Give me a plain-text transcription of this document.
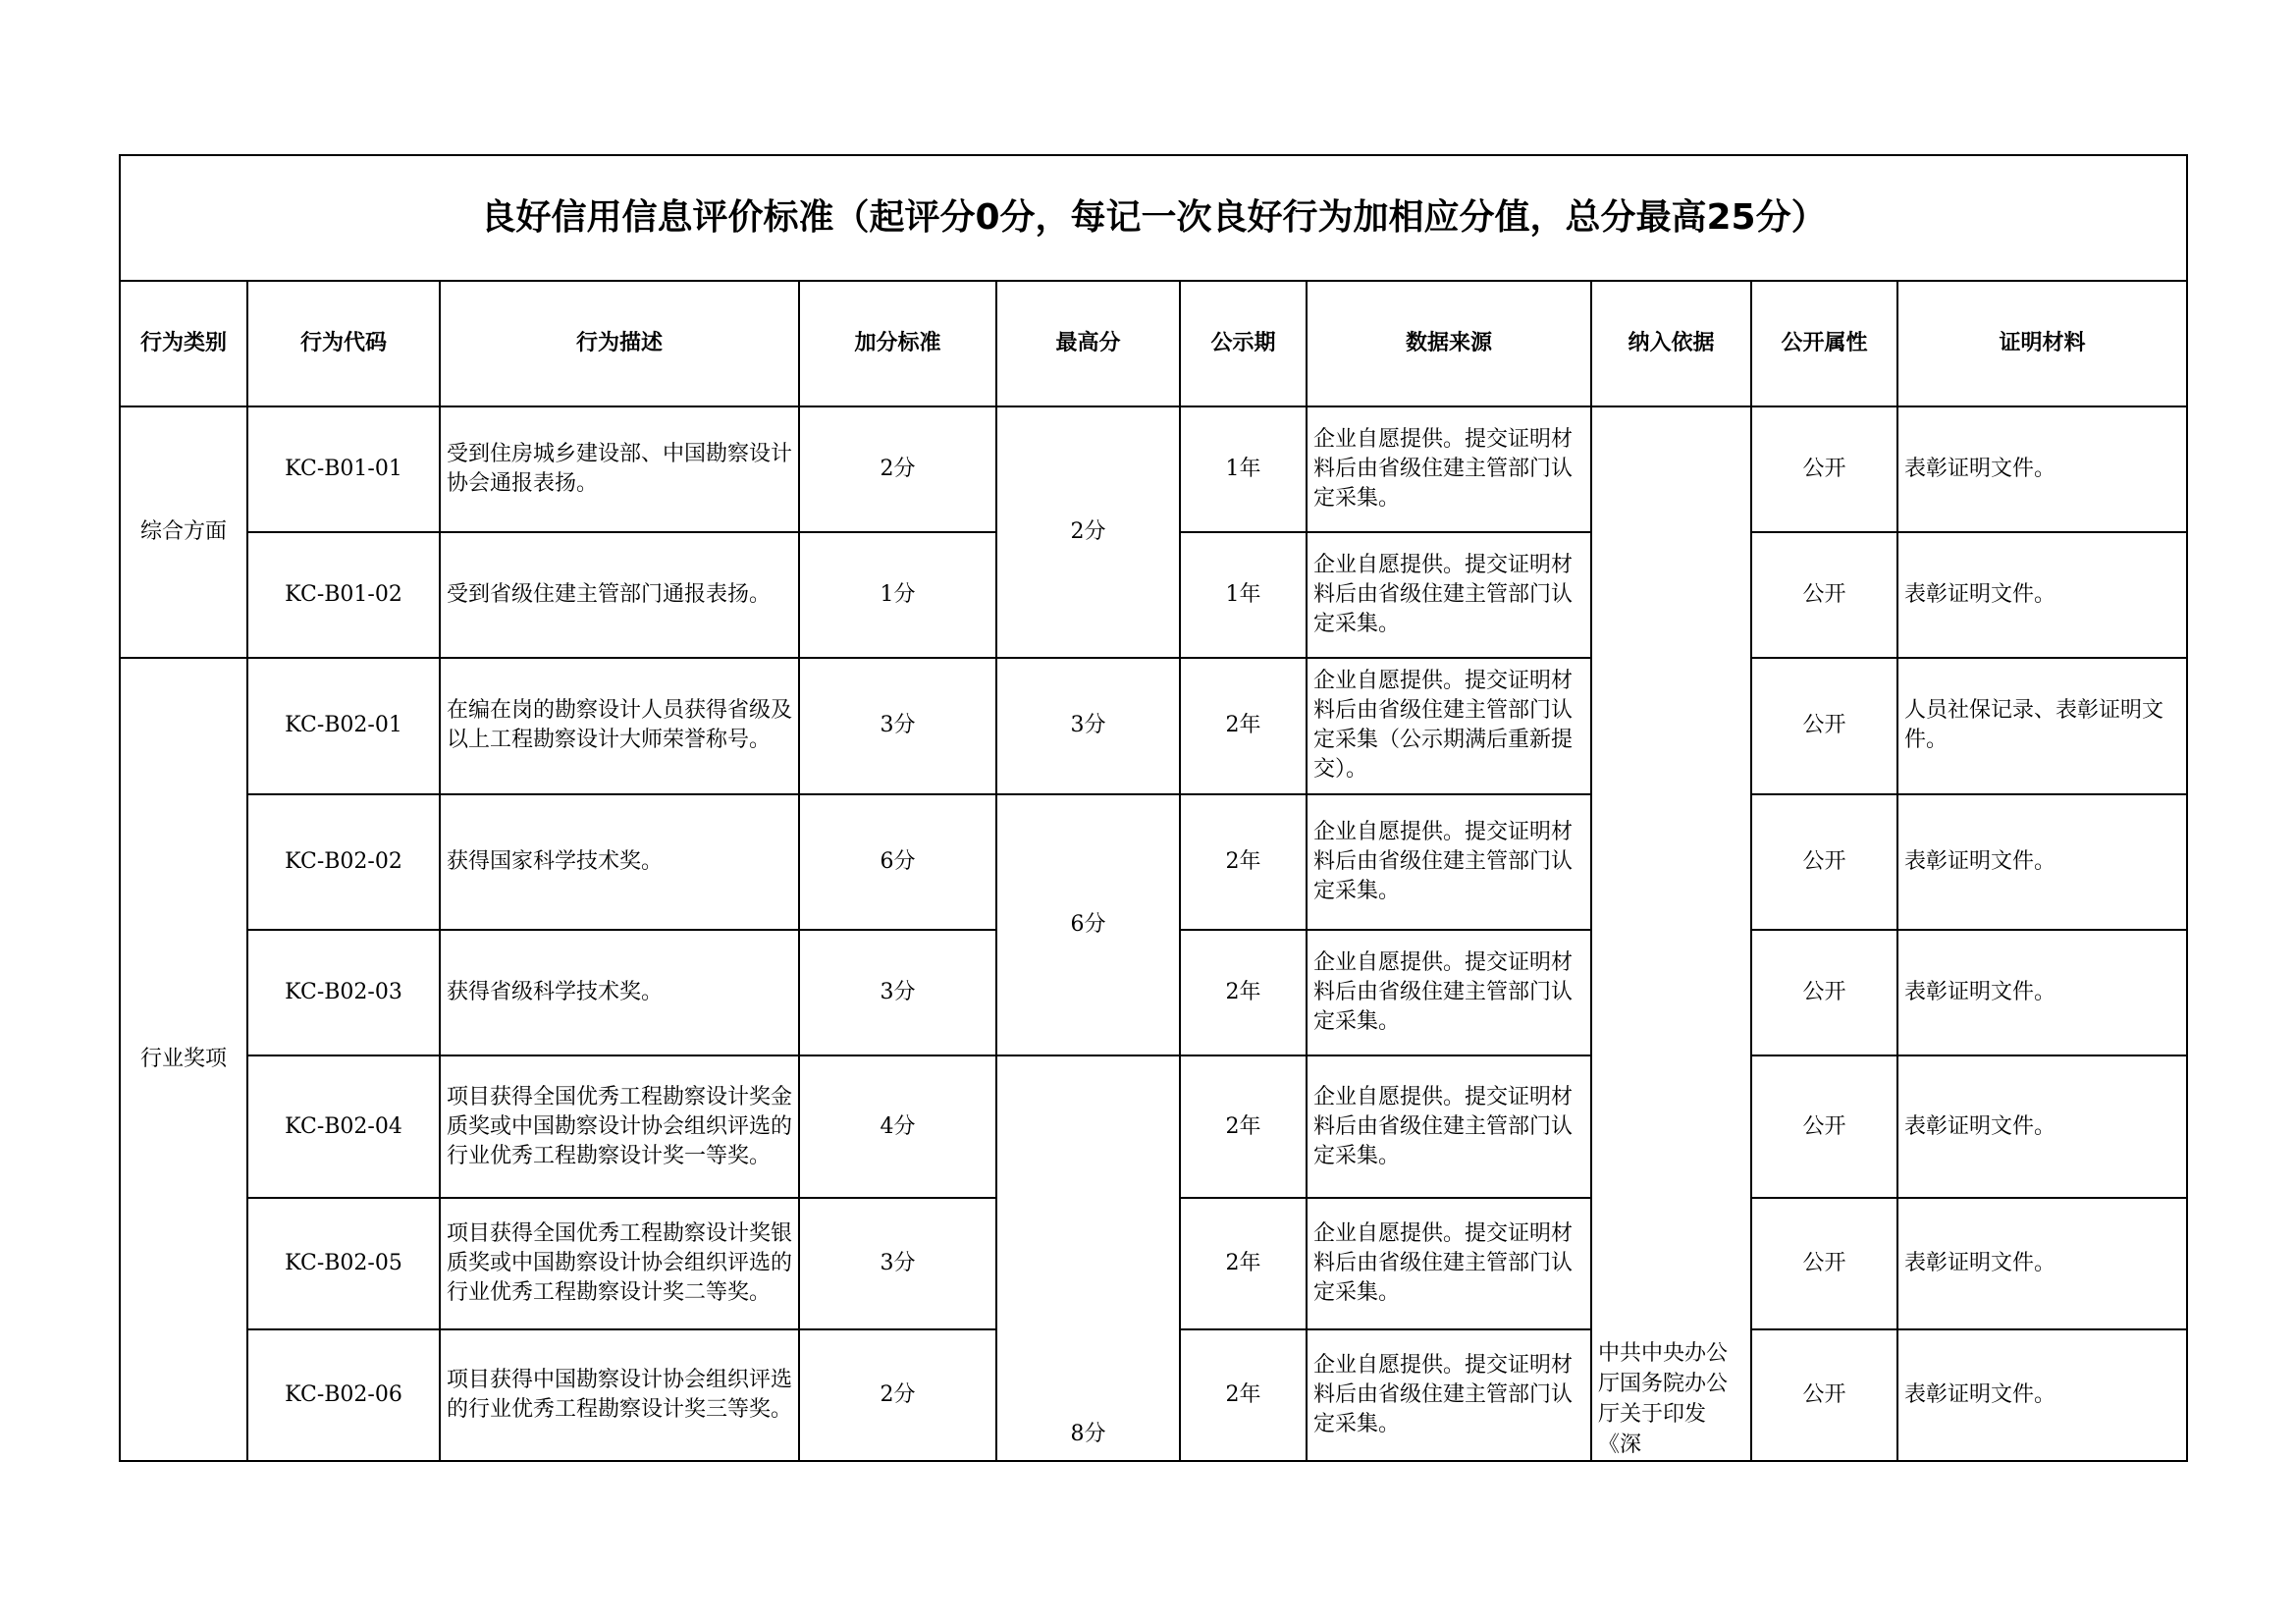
良好信用信息评价标准（起评分0分，每记一次良好行为加相应分值，总分最高25分）									
行为类别	行为代码	行为描述	加分标准	最高分	公示期	数据来源	纳入依据	公开属性	证明材料
综合方面	KC-B01-01	受到住房城乡建设部、中国勘察设计协会通报表扬。	2分	2分	1年	企业自愿提供。提交证明材料后由省级住建主管部门认定采集。	中共中央办公厅国务院办公厅关于印发《深	公开	表彰证明文件。
	KC-B01-02	受到省级住建主管部门通报表扬。	1分		1年	企业自愿提供。提交证明材料后由省级住建主管部门认定采集。		公开	表彰证明文件。
行业奖项	KC-B02-01	在编在岗的勘察设计人员获得省级及以上工程勘察设计大师荣誉称号。	3分	3分	2年	企业自愿提供。提交证明材料后由省级住建主管部门认定采集（公示期满后重新提交）。		公开	人员社保记录、表彰证明文件。
	KC-B02-02	获得国家科学技术奖。	6分	6分	2年	企业自愿提供。提交证明材料后由省级住建主管部门认定采集。		公开	表彰证明文件。
	KC-B02-03	获得省级科学技术奖。	3分		2年	企业自愿提供。提交证明材料后由省级住建主管部门认定采集。		公开	表彰证明文件。
	KC-B02-04	项目获得全国优秀工程勘察设计奖金质奖或中国勘察设计协会组织评选的行业优秀工程勘察设计奖一等奖。	4分	8分	2年	企业自愿提供。提交证明材料后由省级住建主管部门认定采集。		公开	表彰证明文件。
	KC-B02-05	项目获得全国优秀工程勘察设计奖银质奖或中国勘察设计协会组织评选的行业优秀工程勘察设计奖二等奖。	3分		2年	企业自愿提供。提交证明材料后由省级住建主管部门认定采集。		公开	表彰证明文件。
	KC-B02-06	项目获得中国勘察设计协会组织评选的行业优秀工程勘察设计奖三等奖。	2分		2年	企业自愿提供。提交证明材料后由省级住建主管部门认定采集。		公开	表彰证明文件。
